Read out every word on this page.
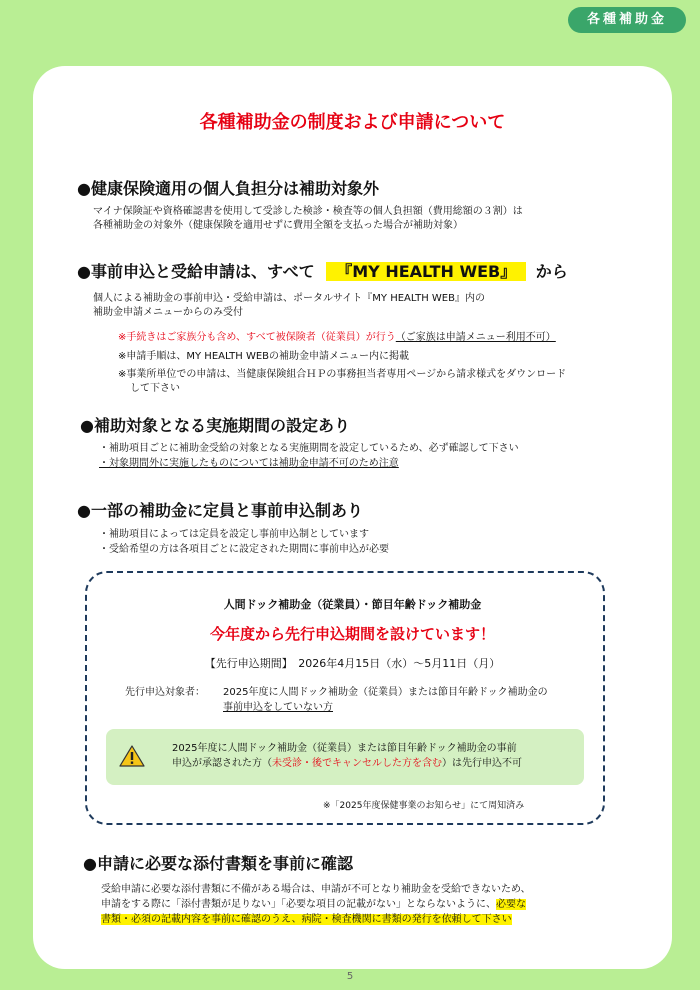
各種補助金
各種補助金の制度および申請について
●健康保険適用の個人負担分は補助対象外
マイナ保険証や資格確認書を使用して受診した検診・検査等の個人負担額（費用総額の３割）は
各種補助金の対象外（健康保険を適用せずに費用全額を支払った場合が補助対象）
●事前申込と受給申請は、すべて 『MY HEALTH WEB』 から
個人による補助金の事前申込・受給申請は、ポータルサイト『MY HEALTH WEB』内の
補助金申請メニューからのみ受付
※手続きはご家族分も含め、すべて被保険者（従業員）が行う（ご家族は申請メニュー利用不可）
※申請手順は、MY HEALTH WEBの補助金申請メニュー内に掲載
※事業所単位での申請は、当健康保険組合ＨＰの事務担当者専用ページから請求様式をダウンロード
して下さい
●補助対象となる実施期間の設定あり
・補助項目ごとに補助金受給の対象となる実施期間を設定しているため、必ず確認して下さい
・対象期間外に実施したものについては補助金申請不可のため注意
●一部の補助金に定員と事前申込制あり
・補助項目によっては定員を設定し事前申込制としています
・受給希望の方は各項目ごとに設定された期間に事前申込が必要
人間ドック補助金（従業員）・節目年齢ドック補助金
今年度から先行申込期間を設けています！
【先行申込期間】　2026年4月15日（水）～5月11日（月）
先行申込対象者： 2025年度に人間ドック補助金（従業員）または節目年齢ドック補助金の
事前申込をしていない方
2025年度に人間ドック補助金（従業員）または節目年齢ドック補助金の事前
申込が承認された方（未受診・後でキャンセルした方を含む）は先行申込不可
※「2025年度保健事業のお知らせ」にて周知済み
●申請に必要な添付書類を事前に確認
受給申請に必要な添付書類に不備がある場合は、申請が不可となり補助金を受給できないため、
申請をする際に「添付書類が足りない」「必要な項目の記載がない」とならないように、必要な
書類・必須の記載内容を事前に確認のうえ、病院・検査機関に書類の発行を依頼して下さい
5
